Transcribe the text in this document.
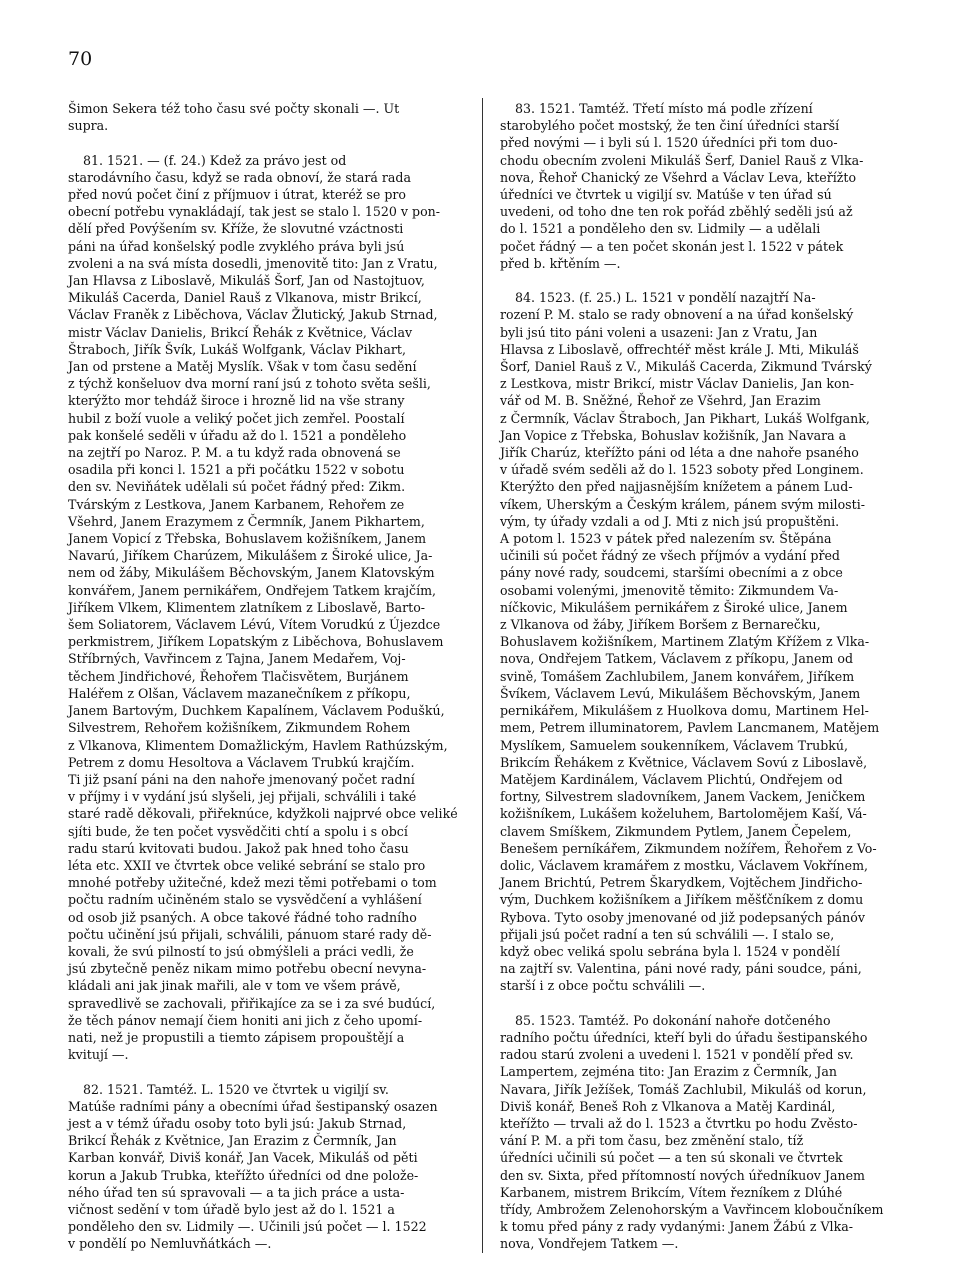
70

Šimon Sekera též toho času své počty skonali —. Ut
supra.

81. 1521. — (f. 24.) Kdež za právo jest od
starodávního času, když se rada obnoví, že stará rada
před novú počet činí z příjmuov i útrat, kteréž se pro
obecní potřebu vynakládají, tak jest se stalo l. 1520 v pon-
dělí před Povýšením sv. Kříže, že slovutné vzáctnosti
páni na úřad konšelský podle zvyklého práva byli jsú
zvoleni a na svá místa dosedli, jmenovitě tito: Jan z Vratu,
Jan Hlavsa z Liboslavě, Mikuláš Šorf, Jan od Nastojtuov,
Mikuláš Cacerda, Daniel Rauš z Vlkanova, mistr Brikcí,
Václav Franěk z Liběchova, Václav Žlutický, Jakub Strnad,
mistr Václav Danielis, Brikcí Řehák z Květnice, Václav
Štraboch, Jiřík Švík, Lukáš Wolfgank, Václav Pikhart,
Jan od prstene a Matěj Myslík. Však v tom času sedění
z týchž konšeluov dva morní raní jsú z tohoto světa sešli,
kterýžto mor tehdáž široce i hrozně lid na vše strany
hubil z boží vuole a veliký počet jich zemřel. Poostalí
pak konšelé seděli v úřadu až do l. 1521 a ponděleho
na zejtří po Naroz. P. M. a tu když rada obnovená se
osadila při konci l. 1521 a při počátku 1522 v sobotu
den sv. Neviňátek udělali sú počet řádný před: Zikm.
Tvárským z Lestkova, Janem Karbanem, Rehořem ze
Všehrd, Janem Erazymem z Čermník, Janem Pikhartem,
Janem Vopicí z Třebska, Bohuslavem kožišníkem, Janem
Navarú, Jiříkem Charúzem, Mikulášem z Široké ulice, Ja-
nem od žáby, Mikulášem Běchovským, Janem Klatovským
konvářem, Janem pernikářem, Ondřejem Tatkem krajčím,
Jiříkem Vlkem, Klimentem zlatníkem z Liboslavě, Barto-
šem Soliatorem, Václavem Lévú, Vítem Vorudkú z Újezdce
perkmistrem, Jiříkem Lopatským z Liběchova, Bohuslavem
Stříbrných, Vavřincem z Tajna, Janem Medařem, Voj-
těchem Jindřichové, Řehořem Tlačisvětem, Burjánem
Haléřem z Olšan, Václavem mazanečníkem z příkopu,
Janem Bartovým, Duchkem Kapalínem, Václavem Poduškú,
Silvestrem, Rehořem kožišníkem, Zikmundem Rohem
z Vlkanova, Klimentem Domažlickým, Havlem Rathúzským,
Petrem z domu Hesoltova a Václavem Trubkú krajčím.
Ti již psaní páni na den nahoře jmenovaný počet radní
v příjmy i v vydání jsú slyšeli, jej přijali, schválili i také
staré radě děkovali, přiřeknúce, kdyžkoli najprvé obce veliké
sjíti bude, že ten počet vysvědčiti chtí a spolu i s obcí
radu starú kvitovati budou. Jakož pak hned toho času
léta etc. XXII ve čtvrtek obce veliké sebrání se stalo pro
mnohé potřeby užitečné, kdež mezi těmi potřebami o tom
počtu radním učiněném stalo se vysvědčení a vyhlášení
od osob již psaných. A obce takové řádné toho radního
počtu učinění jsú přijali, schválili, pánuom staré rady dě-
kovali, že svú pilností to jsú obmýšleli a práci vedli, že
jsú zbytečně peněz nikam mimo potřebu obecní nevyna-
kládali ani jak jinak mařili, ale v tom ve všem právě,
spravedlivě se zachovali, přiřikajíce za se i za své budúcí,
že těch pánov nemají čiem honiti ani jich z čeho upomí-
nati, než je propustili a tiemto zápisem propouštějí a
kvitují —.

82. 1521. Tamtéž. L. 1520 ve čtvrtek u vigiljí sv.
Matúše radními pány a obecními úřad šestipanský osazen
jest a v témž úřadu osoby toto byli jsú: Jakub Strnad,
Brikcí Řehák z Květnice, Jan Erazim z Čermník, Jan
Karban konvář, Diviš konář, Jan Vacek, Mikuláš od pěti
korun a Jakub Trubka, kteřížto úředníci od dne polože-
ného úřad ten sú spravovali — a ta jich práce a usta-
vičnost sedění v tom úřadě bylo jest až do l. 1521 a
ponděleho den sv. Lidmily —. Učinili jsú počet — l. 1522
v pondělí po Nemluvňátkách —.

83. 1521. Tamtéž. Třetí místo má podle zřízení
starobylého počet mostský, že ten činí úředníci starší
před novými — i byli sú l. 1520 úředníci při tom duo-
chodu obecním zvoleni Mikuláš Šerf, Daniel Rauš z Vlka-
nova, Řehoř Chanický ze Všehrd a Václav Leva, kteřížto
úředníci ve čtvrtek u vigiljí sv. Matúše v ten úřad sú
uvedeni, od toho dne ten rok pořád zběhlý seděli jsú až
do l. 1521 a ponděleho den sv. Lidmily — a udělali
počet řádný — a ten počet skonán jest l. 1522 v pátek
před b. křtěním —.

84. 1523. (f. 25.) L. 1521 v pondělí nazajtří Na-
rození P. M. stalo se rady obnovení a na úřad konšelský
byli jsú tito páni voleni a usazeni: Jan z Vratu, Jan
Hlavsa z Liboslavě, offrechtéř měst krále J. Mti, Mikuláš
Šorf, Daniel Rauš z V., Mikuláš Cacerda, Zikmund Tvárský
z Lestkova, mistr Brikcí, mistr Václav Danielis, Jan kon-
vář od M. B. Sněžné, Řehoř ze Všehrd, Jan Erazim
z Čermník, Václav Štraboch, Jan Pikhart, Lukáš Wolfgank,
Jan Vopice z Třebska, Bohuslav kožišník, Jan Navara a
Jiřík Charúz, kteřížto páni od léta a dne nahoře psaného
v úřadě svém seděli až do l. 1523 soboty před Longinem.
Kterýžto den před najjasnějším knížetem a pánem Lud-
víkem, Uherským a Českým králem, pánem svým milosti-
vým, ty úřady vzdali a od J. Mti z nich jsú propuštěni.
A potom l. 1523 v pátek před nalezením sv. Štěpána
učinili sú počet řádný ze všech příjmóv a vydání před
pány nové rady, soudcemi, staršími obecními a z obce
osobami volenými, jmenovitě těmito: Zikmundem Va-
níčkovic, Mikulášem pernikářem z Široké ulice, Janem
z Vlkanova od žáby, Jiříkem Boršem z Bernarečku,
Bohuslavem kožišníkem, Martinem Zlatým Křížem z Vlka-
nova, Ondřejem Tatkem, Václavem z příkopu, Janem od
svině, Tomášem Zachlubilem, Janem konvářem, Jiříkem
Švíkem, Václavem Levú, Mikulášem Běchovským, Janem
pernikářem, Mikulášem z Huolkova domu, Martinem Hel-
mem, Petrem illuminatorem, Pavlem Lancmanem, Matějem
Myslíkem, Samuelem soukenníkem, Václavem Trubkú,
Brikcím Řehákem z Květnice, Václavem Sovú z Liboslavě,
Matějem Kardinálem, Václavem Plichtú, Ondřejem od
fortny, Silvestrem sladovníkem, Janem Vackem, Jeničkem
kožišníkem, Lukášem koželuhem, Bartolomějem Kaší, Vá-
clavem Smíškem, Zikmundem Pytlem, Janem Čepelem,
Benešem perníkářem, Zikmundem nožířem, Řehořem z Vo-
dolic, Václavem kramářem z mostku, Václavem Vokřínem,
Janem Brichtú, Petrem Škarydkem, Vojtěchem Jindřicho-
vým, Duchkem kožišníkem a Jiříkem měšťčníkem z domu
Rybova. Tyto osoby jmenované od již podepsaných pánóv
přijali jsú počet radní a ten sú schválili —. I stalo se,
když obec veliká spolu sebrána byla l. 1524 v pondělí
na zajtří sv. Valentina, páni nové rady, páni soudce, páni,
starší i z obce počtu schválili —.

85. 1523. Tamtéž. Po dokonání nahoře dotčeného
radního počtu úředníci, kteří byli do úřadu šestipanského
radou starú zvoleni a uvedeni l. 1521 v pondělí před sv.
Lampertem, zejména tito: Jan Erazim z Čermník, Jan
Navara, Jiřík Ježíšek, Tomáš Zachlubil, Mikuláš od korun,
Diviš konář, Beneš Roh z Vlkanova a Matěj Kardinál,
kteřížto — trvali až do l. 1523 a čtvrtku po hodu Zvěsto-
vání P. M. a při tom času, bez změnění stalo, tíž
úředníci učinili sú počet — a ten sú skonali ve čtvrtek
den sv. Sixta, před přítomností nových úředníkuov Janem
Karbanem, mistrem Brikcím, Vítem řezníkem z Dlúhé
třídy, Ambrožem Zelenohorským a Vavřincem kloboučníkem
k tomu před pány z rady vydanými: Janem Žábú z Vlka-
nova, Vondřejem Tatkem —.
